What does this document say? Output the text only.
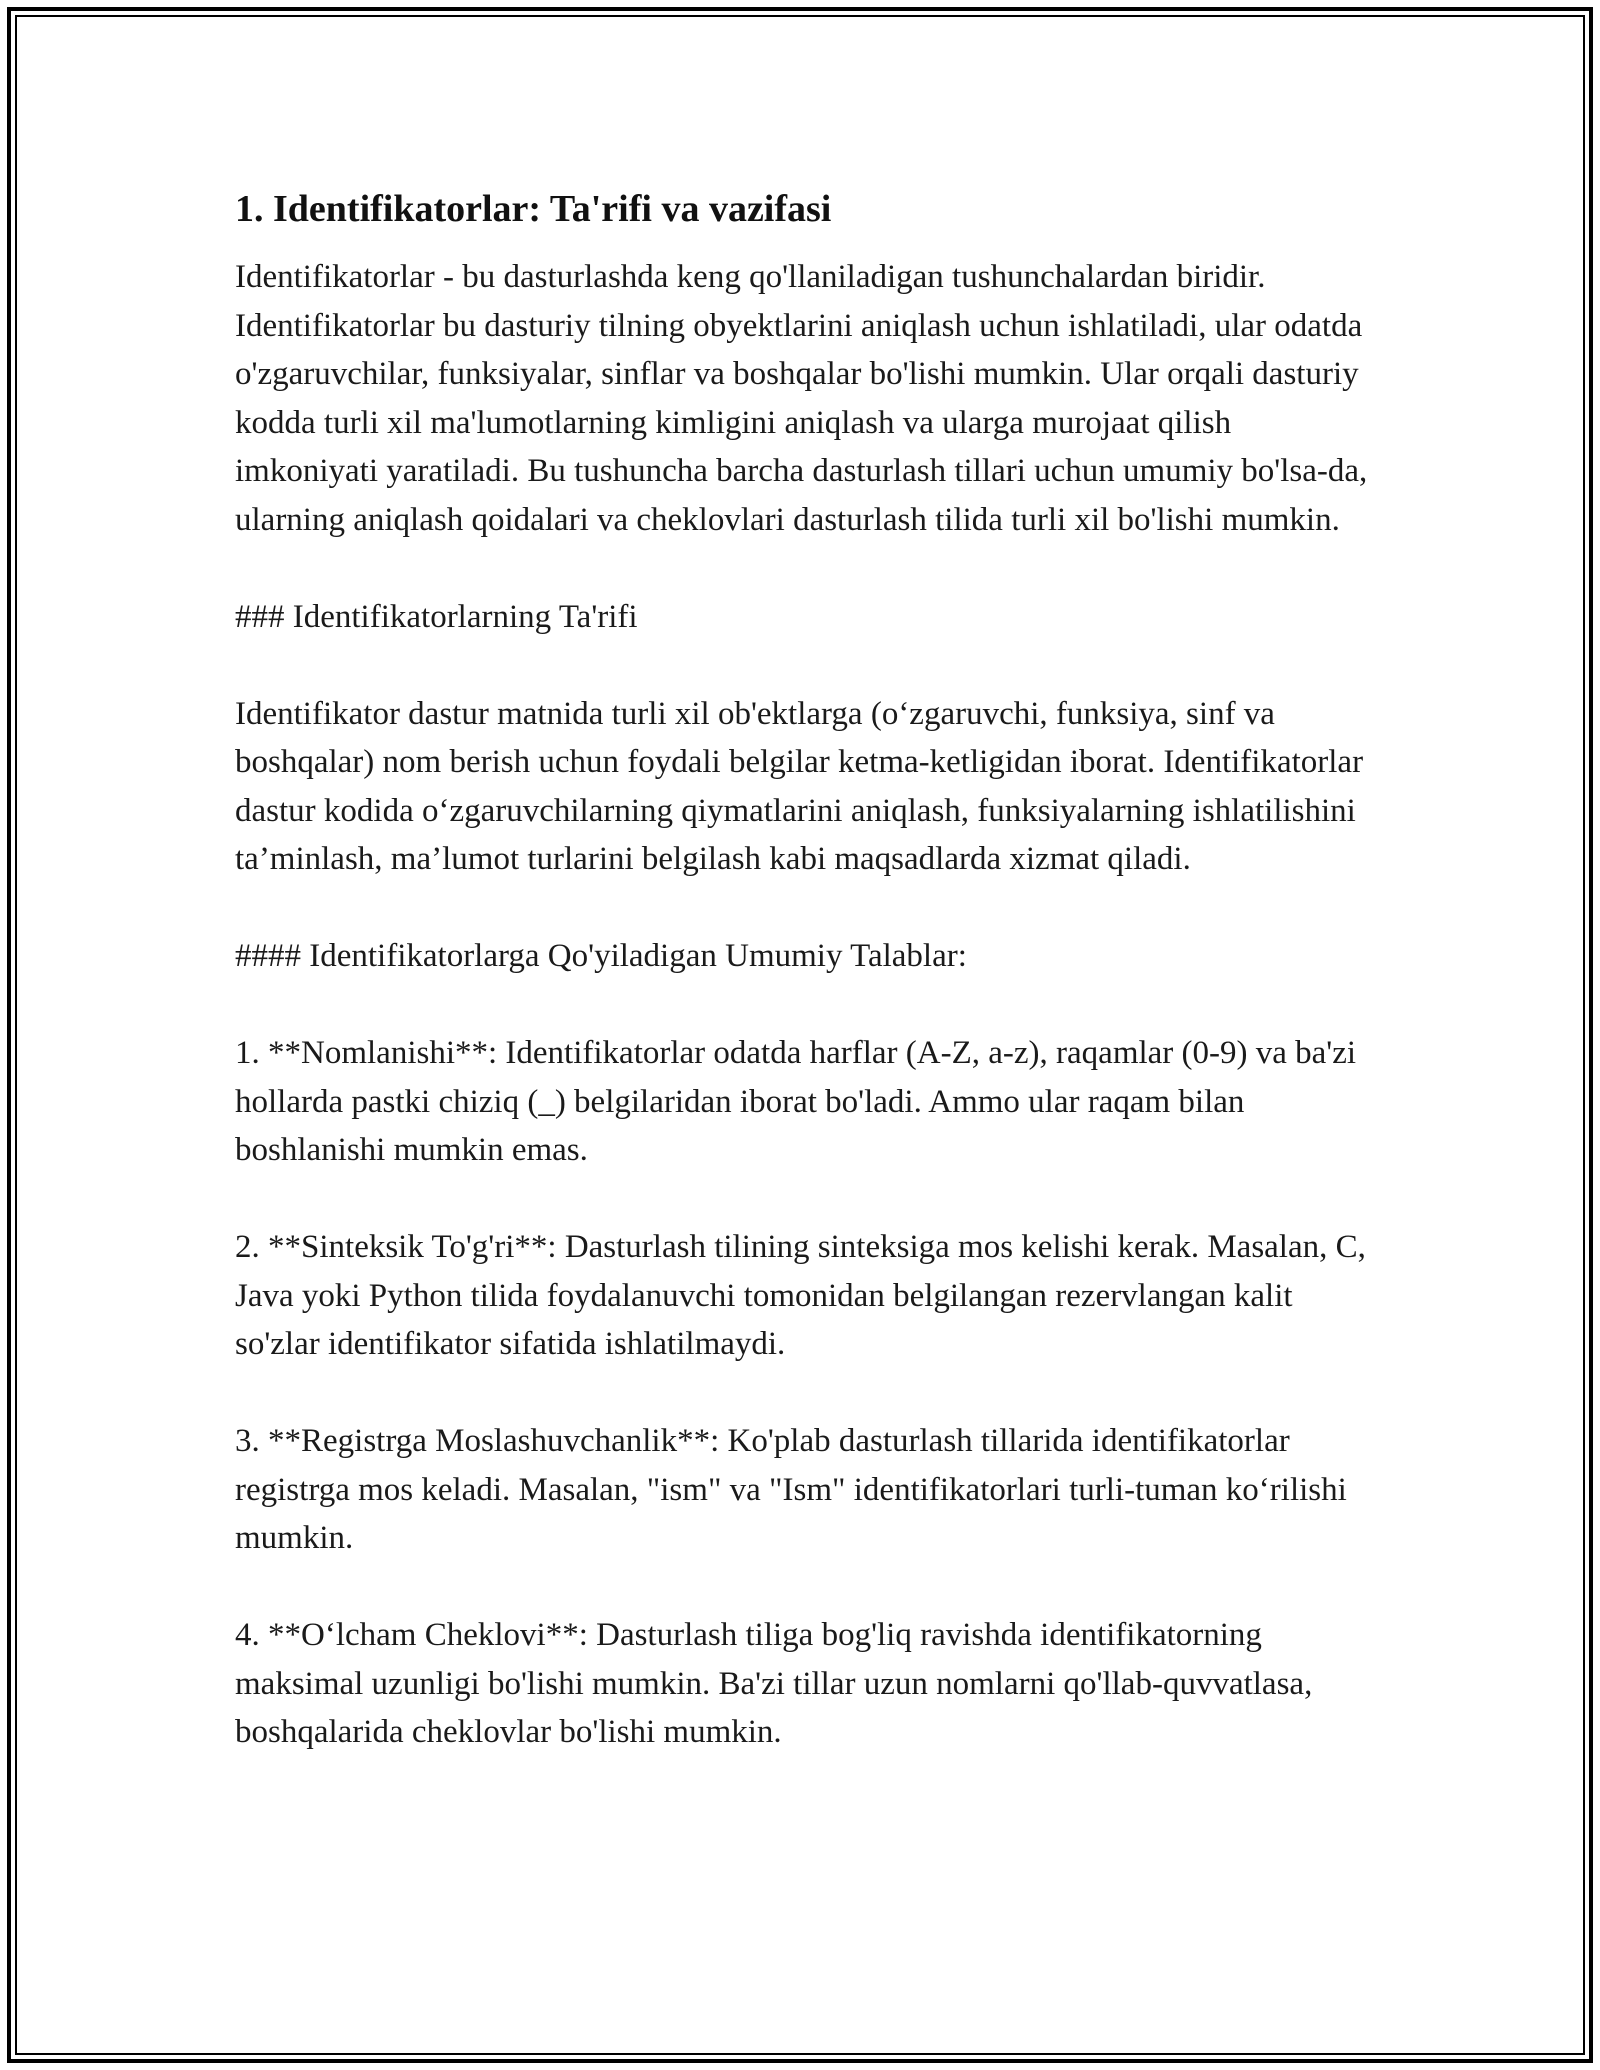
1. Identifikatorlar: Ta'rifi va vazifasi

Identifikatorlar - bu dasturlashda keng qo'llaniladigan tushunchalardan biridir. Identifikatorlar bu dasturiy tilning obyektlarini aniqlash uchun ishlatiladi, ular odatda o'zgaruvchilar, funksiyalar, sinflar va boshqalar bo'lishi mumkin. Ular orqali dasturiy kodda turli xil ma'lumotlarning kimligini aniqlash va ularga murojaat qilish imkoniyati yaratiladi. Bu tushuncha barcha dasturlash tillari uchun umumiy bo'lsa-da, ularning aniqlash qoidalari va cheklovlari dasturlash tilida turli xil bo'lishi mumkin.

### Identifikatorlarning Ta'rifi

Identifikator dastur matnida turli xil ob'ektlarga (o‘zgaruvchi, funksiya, sinf va boshqalar) nom berish uchun foydali belgilar ketma-ketligidan iborat. Identifikatorlar dastur kodida o‘zgaruvchilarning qiymatlarini aniqlash, funksiyalarning ishlatilishini ta’minlash, ma’lumot turlarini belgilash kabi maqsadlarda xizmat qiladi.

#### Identifikatorlarga Qo'yiladigan Umumiy Talablar:

1. **Nomlanishi**: Identifikatorlar odatda harflar (A-Z, a-z), raqamlar (0-9) va ba'zi hollarda pastki chiziq (_) belgilaridan iborat bo'ladi. Ammo ular raqam bilan boshlanishi mumkin emas.

2. **Sinteksik To'g'ri**: Dasturlash tilining sinteksiga mos kelishi kerak. Masalan, C, Java yoki Python tilida foydalanuvchi tomonidan belgilangan rezervlangan kalit so'zlar identifikator sifatida ishlatilmaydi.

3. **Registrga Moslashuvchanlik**: Ko'plab dasturlash tillarida identifikatorlar registrga mos keladi. Masalan, "ism" va "Ism" identifikatorlari turli-tuman ko‘rilishi mumkin.

4. **O‘lcham Cheklovi**: Dasturlash tiliga bog'liq ravishda identifikatorning maksimal uzunligi bo'lishi mumkin. Ba'zi tillar uzun nomlarni qo'llab-quvvatlasa, boshqalarida cheklovlar bo'lishi mumkin.
